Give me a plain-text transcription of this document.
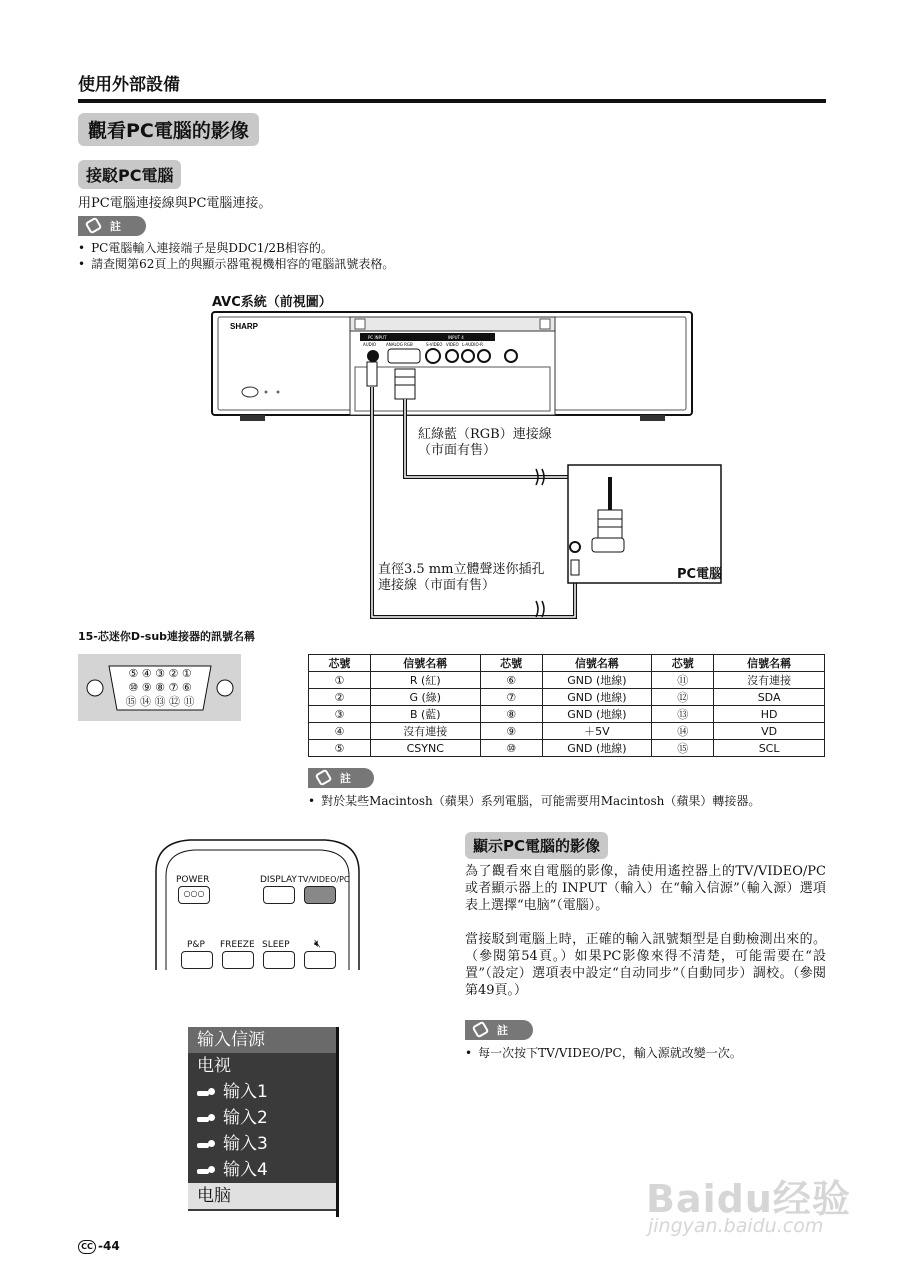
使用外部設備
觀看PC電腦的影像
接駁PC電腦
用PC電腦連接線與PC電腦連接。
註
• PC電腦輸入連接端子是與DDC1/2B相容的。
• 請查閱第62頁上的與顯示器電視機相容的電腦訊號表格。
AVC系統（前視圖）
SHARP
PC INPUT	INPUT 4
AUDIO ANALOG RGB	S-VIDEO VIDEO L-AUDIO-R
紅綠藍（RGB）連接線
（市面有售）
直徑3.5 mm立體聲迷你插孔
連接線（市面有售）
PC電腦
15-芯迷你D-sub連接器的訊號名稱
⑤ ④ ③ ② ①
⑩ ⑨ ⑧ ⑦ ⑥
⑮ ⑭ ⑬ ⑫ ⑪
芯號	信號名稱	芯號	信號名稱	芯號	信號名稱
①	R (紅)	⑥	GND (地線)	⑪	沒有連接
②	G (綠)	⑦	GND (地線)	⑫	SDA
③	B (藍)	⑧	GND (地線)	⑬	HD
④	沒有連接	⑨	＋5V	⑭	VD
⑤	CSYNC	⑩	GND (地線)	⑮	SCL
註
• 對於某些Macintosh（蘋果）系列電腦，可能需要用Macintosh（蘋果）轉接器。
POWER
○○○
DISPLAY TV/VIDEO/PC
P&P FREEZE SLEEP 🔇︎
顯示PC電腦的影像
為了觀看來自電腦的影像，請使用遙控器上的TV/VIDEO/PC或者顯示器上的 INPUT（輸入）在“輸入信源”（輸入源）選項表上選擇“电脑”（電腦）。
當接駁到電腦上時，正確的輸入訊號類型是自動檢測出來的。（參閱第54頁。）如果PC影像來得不清楚，可能需要在“設置”（設定）選項表中設定“自动同步”（自動同步）調校。（參閱第49頁。）
註
• 每一次按下TV/VIDEO/PC，輸入源就改變一次。
输入信源
电视
输入1
输入2
输入3
输入4
电脑
CC -44
Baidu经验
jingyan.baidu.com
